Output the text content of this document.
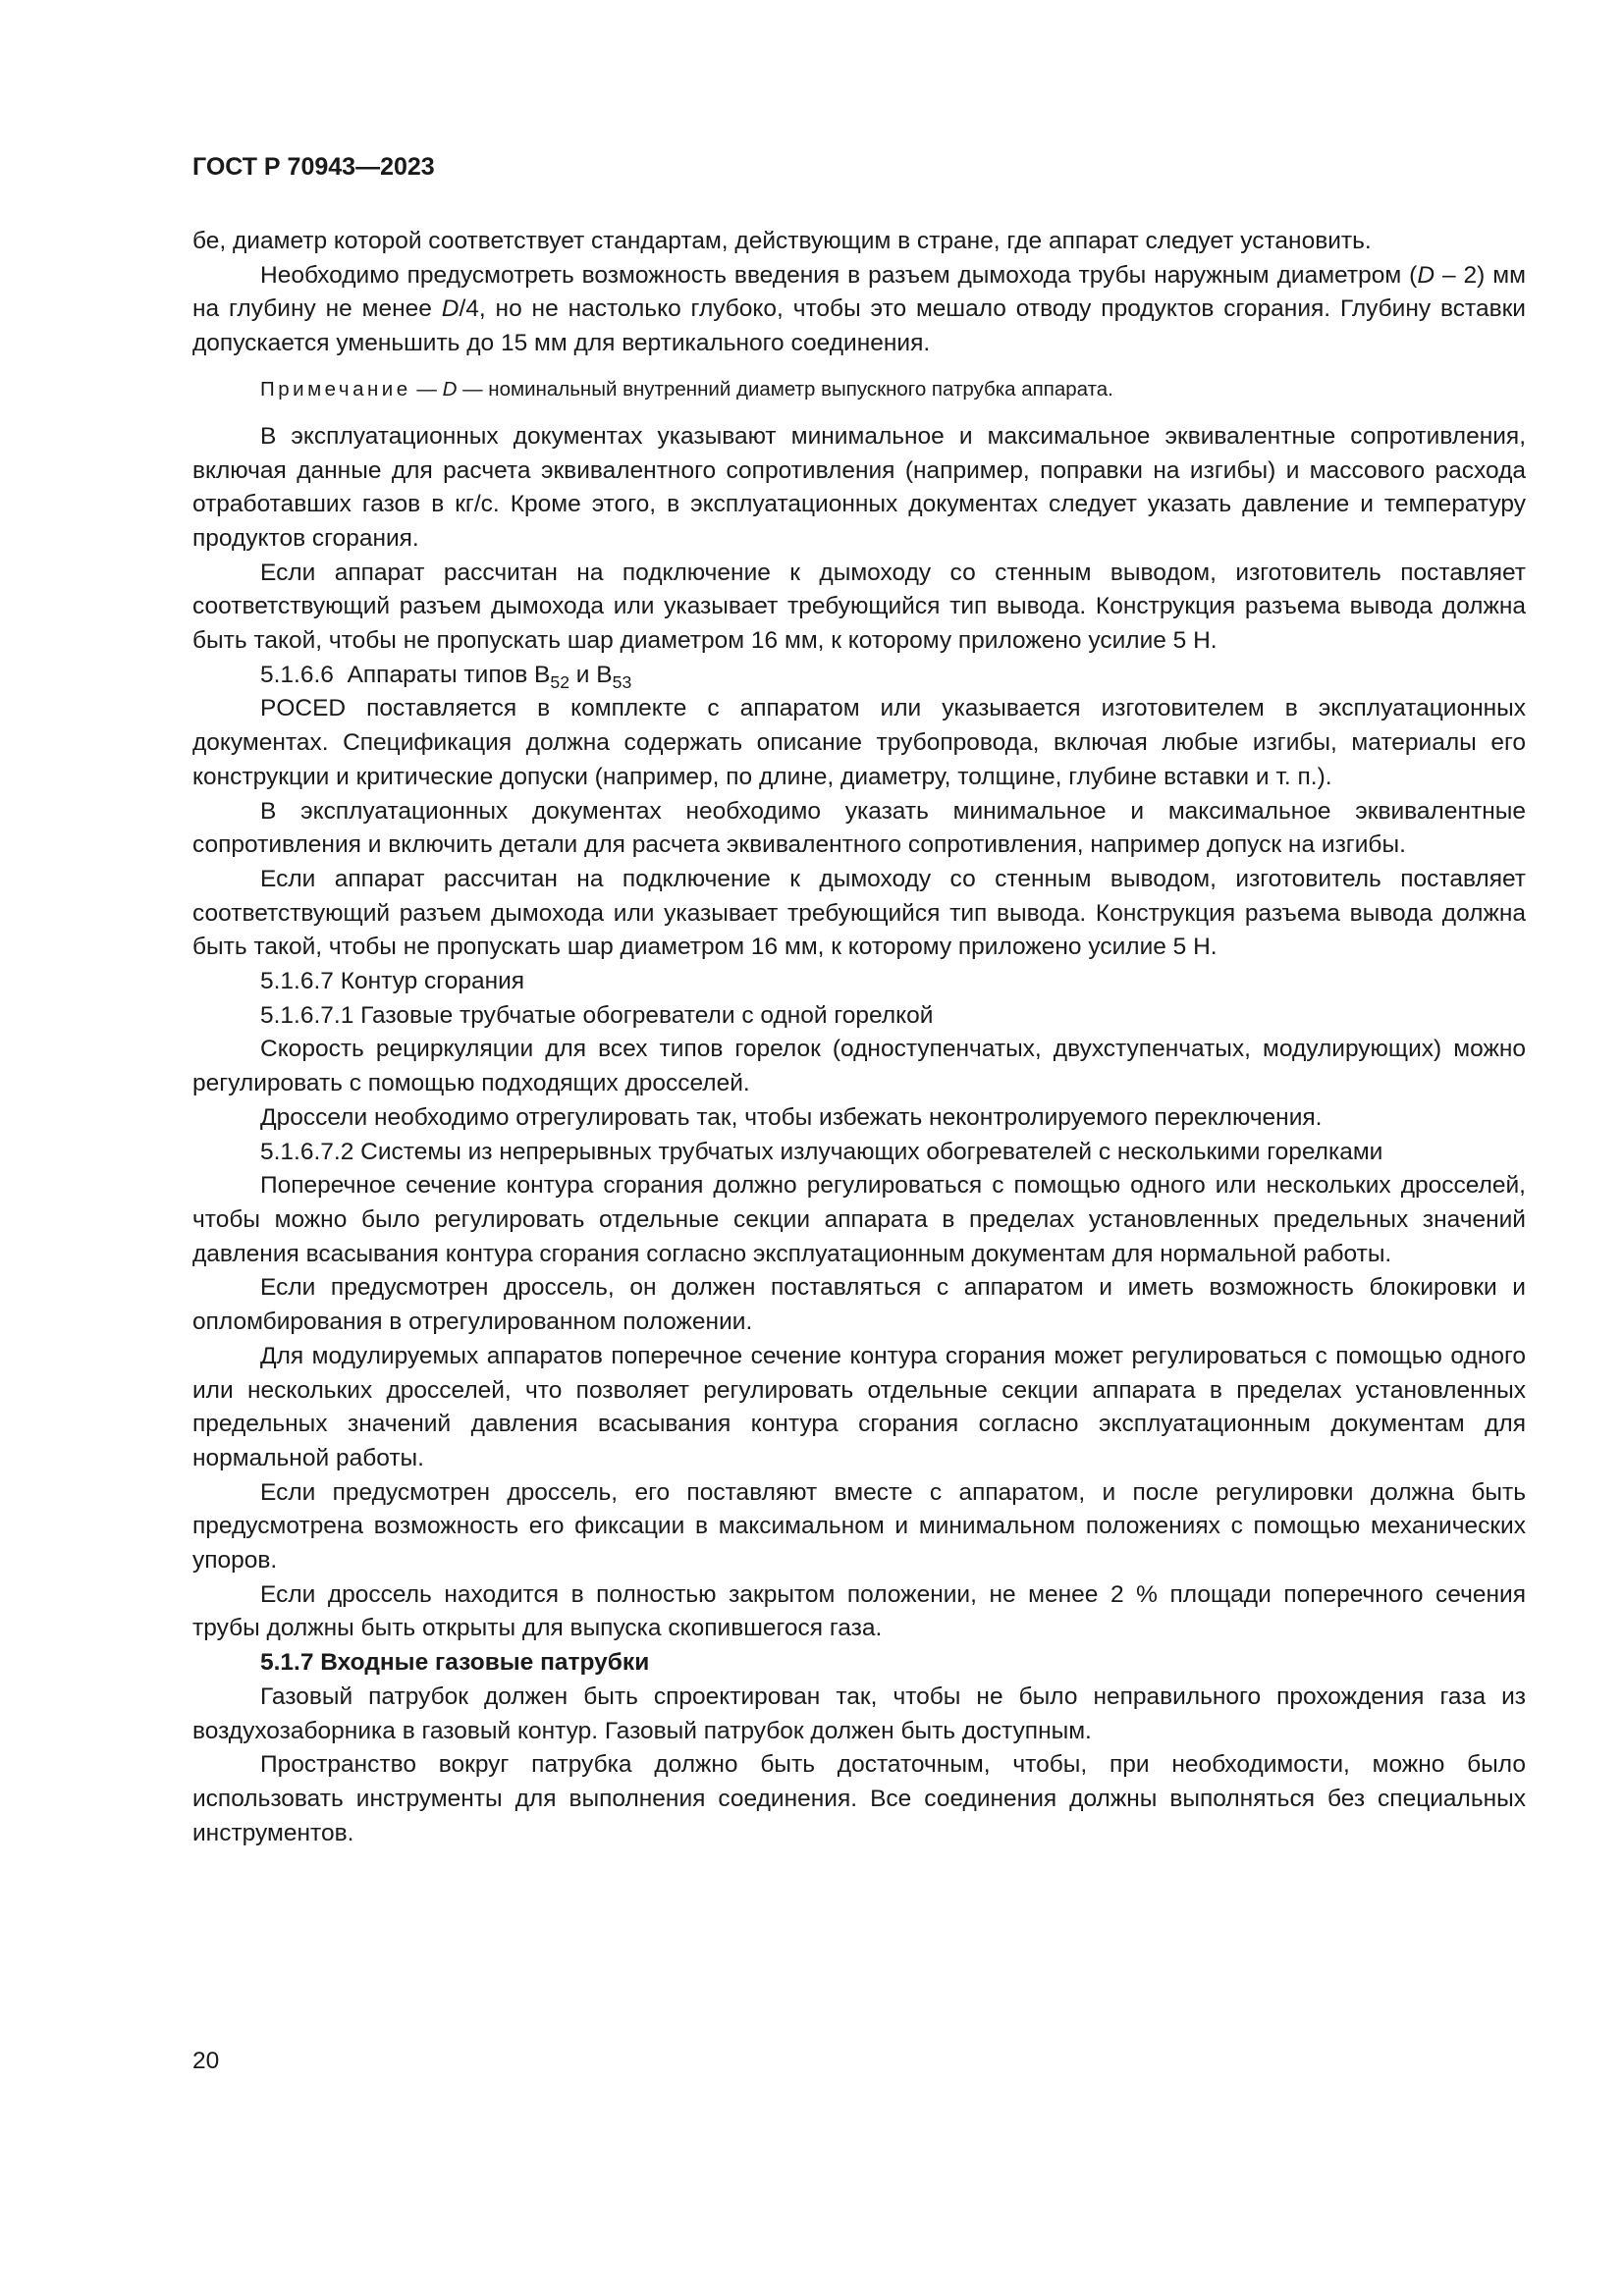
ГОСТ Р 70943—2023

бе, диаметр которой соответствует стандартам, действующим в стране, где аппарат следует установить.

Необходимо предусмотреть возможность введения в разъем дымохода трубы наружным диаметром (D – 2) мм на глубину не менее D/4, но не настолько глубоко, чтобы это мешало отводу продуктов сгорания. Глубину вставки допускается уменьшить до 15 мм для вертикального соединения.

Примечание — D — номинальный внутренний диаметр выпускного патрубка аппарата.

В эксплуатационных документах указывают минимальное и максимальное эквивалентные сопротивления, включая данные для расчета эквивалентного сопротивления (например, поправки на изгибы) и массового расхода отработавших газов в кг/с. Кроме этого, в эксплуатационных документах следует указать давление и температуру продуктов сгорания.

Если аппарат рассчитан на подключение к дымоходу со стенным выводом, изготовитель поставляет соответствующий разъем дымохода или указывает требующийся тип вывода. Конструкция разъема вывода должна быть такой, чтобы не пропускать шар диаметром 16 мм, к которому приложено усилие 5 Н.

5.1.6.6 Аппараты типов $B_{52}$ и $B_{53}$

POCED поставляется в комплекте с аппаратом или указывается изготовителем в эксплуатационных документах. Спецификация должна содержать описание трубопровода, включая любые изгибы, материалы его конструкции и критические допуски (например, по длине, диаметру, толщине, глубине вставки и т. п.).

В эксплуатационных документах необходимо указать минимальное и максимальное эквивалентные сопротивления и включить детали для расчета эквивалентного сопротивления, например допуск на изгибы.

Если аппарат рассчитан на подключение к дымоходу со стенным выводом, изготовитель поставляет соответствующий разъем дымохода или указывает требующийся тип вывода. Конструкция разъема вывода должна быть такой, чтобы не пропускать шар диаметром 16 мм, к которому приложено усилие 5 Н.

5.1.6.7 Контур сгорания

5.1.6.7.1 Газовые трубчатые обогреватели с одной горелкой

Скорость рециркуляции для всех типов горелок (одноступенчатых, двухступенчатых, модулирующих) можно регулировать с помощью подходящих дросселей.

Дроссели необходимо отрегулировать так, чтобы избежать неконтролируемого переключения.

5.1.6.7.2 Системы из непрерывных трубчатых излучающих обогревателей с несколькими горелками

Поперечное сечение контура сгорания должно регулироваться с помощью одного или нескольких дросселей, чтобы можно было регулировать отдельные секции аппарата в пределах установленных предельных значений давления всасывания контура сгорания согласно эксплуатационным документам для нормальной работы.

Если предусмотрен дроссель, он должен поставляться с аппаратом и иметь возможность блокировки и опломбирования в отрегулированном положении.

Для модулируемых аппаратов поперечное сечение контура сгорания может регулироваться с помощью одного или нескольких дросселей, что позволяет регулировать отдельные секции аппарата в пределах установленных предельных значений давления всасывания контура сгорания согласно эксплуатационным документам для нормальной работы.

Если предусмотрен дроссель, его поставляют вместе с аппаратом, и после регулировки должна быть предусмотрена возможность его фиксации в максимальном и минимальном положениях с помощью механических упоров.

Если дроссель находится в полностью закрытом положении, не менее 2 % площади поперечного сечения трубы должны быть открыты для выпуска скопившегося газа.

5.1.7 Входные газовые патрубки

Газовый патрубок должен быть спроектирован так, чтобы не было неправильного прохождения газа из воздухозаборника в газовый контур. Газовый патрубок должен быть доступным.

Пространство вокруг патрубка должно быть достаточным, чтобы, при необходимости, можно было использовать инструменты для выполнения соединения. Все соединения должны выполняться без специальных инструментов.

20
